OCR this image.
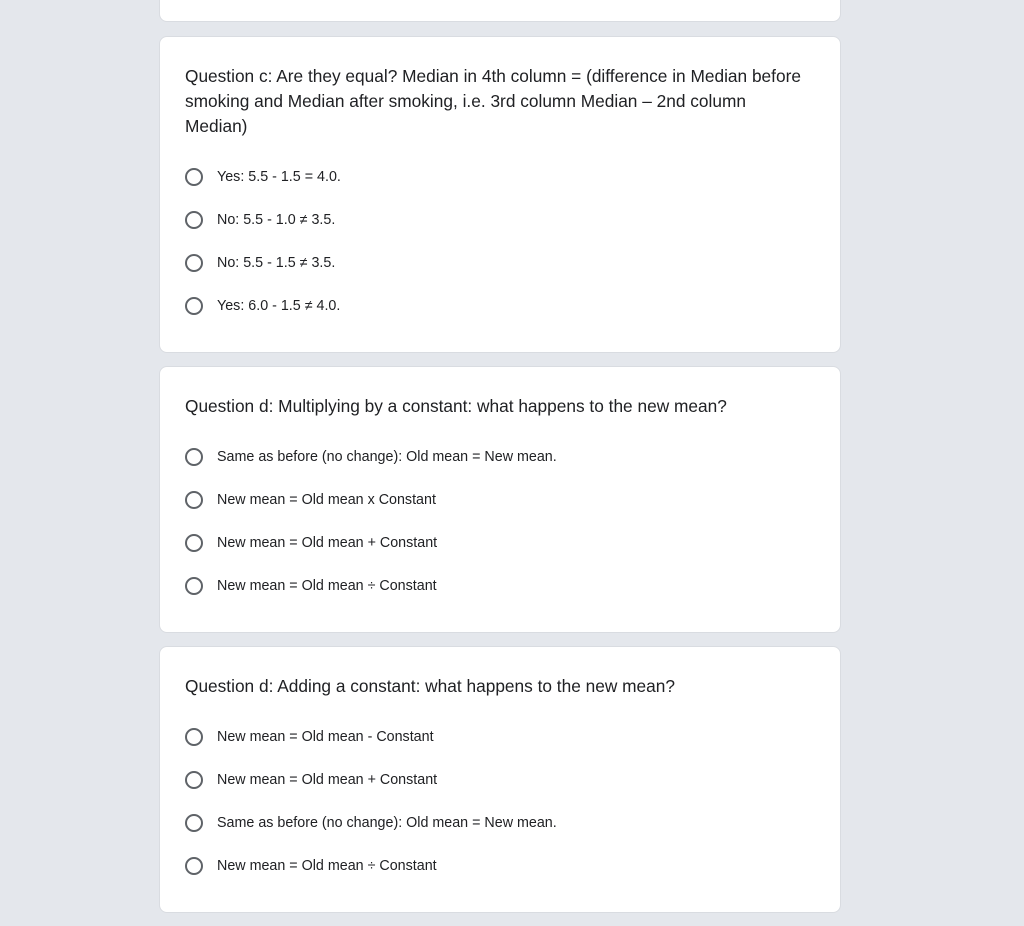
Question c: Are they equal? Median in 4th column = (difference in Median before smoking and Median after smoking, i.e. 3rd column Median – 2nd column Median)

Yes: 5.5 - 1.5 = 4.0.
No: 5.5 - 1.0 ≠ 3.5.
No: 5.5 - 1.5 ≠ 3.5.
Yes: 6.0 - 1.5 ≠ 4.0.

Question d: Multiplying by a constant: what happens to the new mean?

Same as before (no change): Old mean = New mean.
New mean = Old mean x Constant
New mean = Old mean + Constant
New mean = Old mean ÷ Constant

Question d: Adding a constant: what happens to the new mean?

New mean = Old mean - Constant
New mean = Old mean + Constant
Same as before (no change): Old mean = New mean.
New mean = Old mean ÷ Constant
